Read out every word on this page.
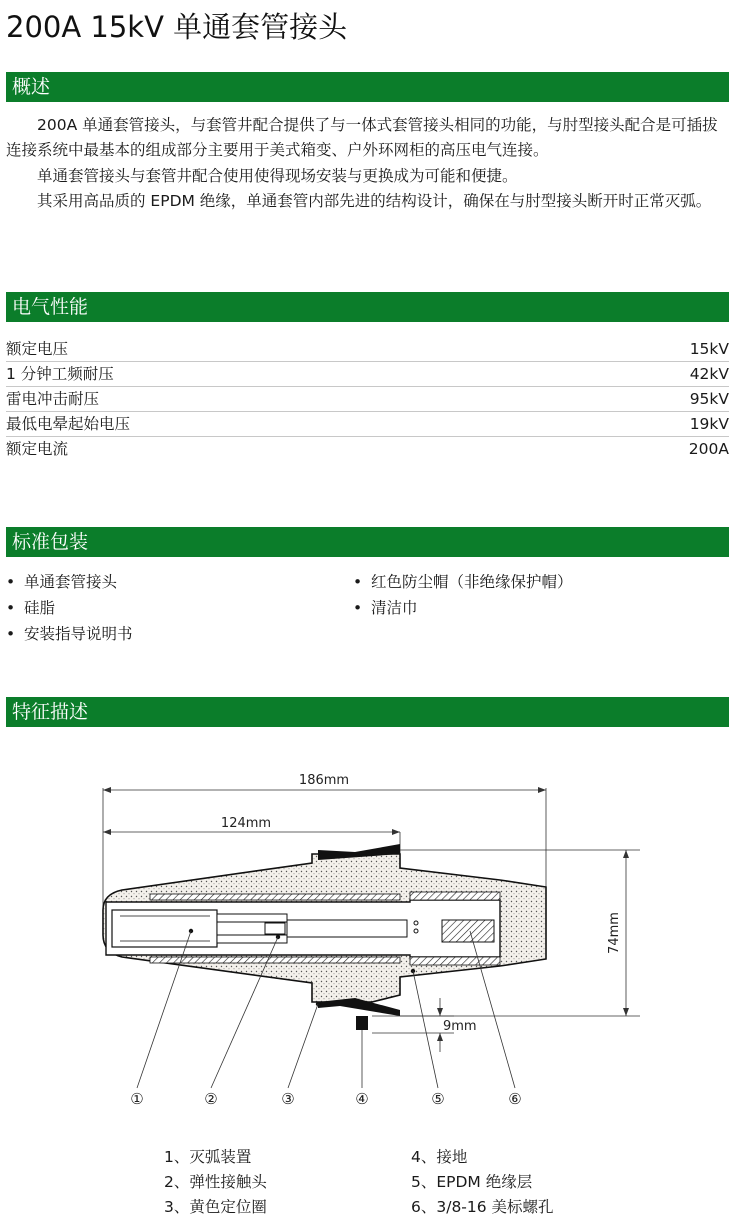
200A 15kV 单通套管接头
概述

200A 单通套管接头，与套管井配合提供了与一体式套管接头相同的功能，与肘型接头配合是可插拔连接系统中最基本的组成部分主要用于美式箱变、户外环网柜的高压电气连接。

单通套管接头与套管井配合使用使得现场安装与更换成为可能和便捷。

其采用高品质的 EPDM 绝缘，单通套管内部先进的结构设计，确保在与肘型接头断开时正常灭弧。

电气性能
额定电压	15kV
1 分钟工频耐压	42kV
雷电冲击耐压	95kV
最低电晕起始电压	19kV
额定电流	200A
标准包装
• 单通套管接头
• 硅脂
• 安装指导说明书
• 红色防尘帽（非绝缘保护帽）
• 清洁巾
特征描述
186mm
124mm
74mm
9mm
①	②	③	④	⑤	⑥
1、灭弧装置
2、弹性接触头
3、黄色定位圈
4、接地
5、EPDM 绝缘层
6、3/8-16 美标螺孔
